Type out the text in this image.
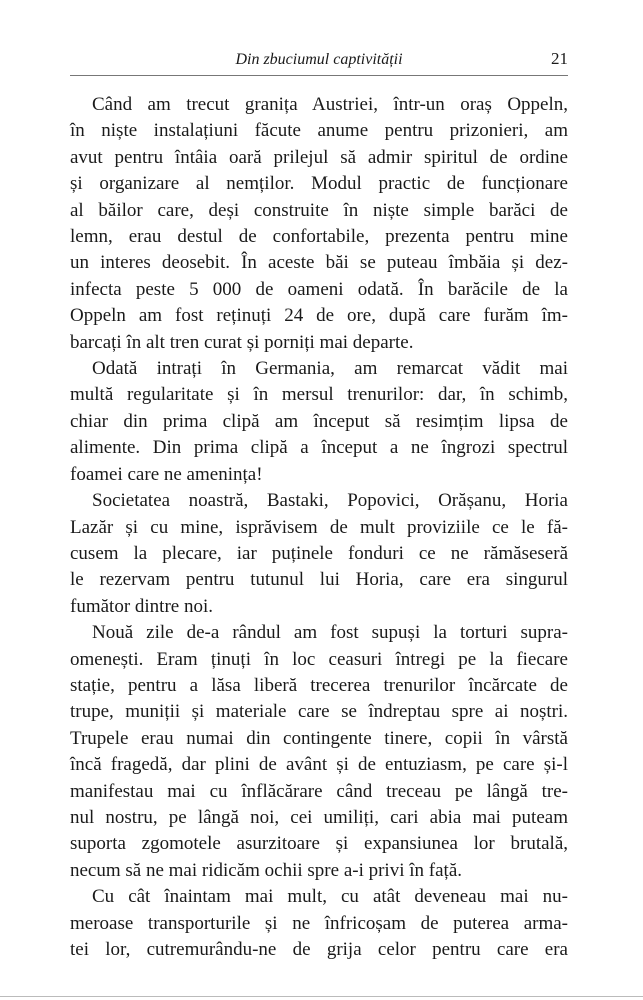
Din zbuciumul captivității	21

Când am trecut granița Austriei, într-un oraș Oppeln,
în niște instalațiuni făcute anume pentru prizonieri, am
avut pentru întâia oară prilejul să admir spiritul de ordine
și organizare al nemților. Modul practic de funcționare
al băilor care, deși construite în niște simple barăci de
lemn, erau destul de confortabile, prezenta pentru mine
un interes deosebit. În aceste băi se puteau îmbăia și dez-
infecta peste 5 000 de oameni odată. În barăcile de la
Oppeln am fost reținuți 24 de ore, după care furăm îm-
barcați în alt tren curat și porniți mai departe.

Odată intrați în Germania, am remarcat vădit mai
multă regularitate și în mersul trenurilor: dar, în schimb,
chiar din prima clipă am început să resimțim lipsa de
alimente. Din prima clipă a început a ne îngrozi spectrul
foamei care ne amenința!

Societatea noastră, Bastaki, Popovici, Orășanu, Horia
Lazăr și cu mine, isprăvisem de mult proviziile ce le fă-
cusem la plecare, iar puținele fonduri ce ne rămăseseră
le rezervam pentru tutunul lui Horia, care era singurul
fumător dintre noi.

Nouă zile de-a rândul am fost supuși la torturi supra-
omenești. Eram ținuți în loc ceasuri întregi pe la fiecare
stație, pentru a lăsa liberă trecerea trenurilor încărcate de
trupe, muniții și materiale care se îndreptau spre ai noștri.
Trupele erau numai din contingente tinere, copii în vârstă
încă fragedă, dar plini de avânt și de entuziasm, pe care și-l
manifestau mai cu înflăcărare când treceau pe lângă tre-
nul nostru, pe lângă noi, cei umiliți, cari abia mai puteam
suporta zgomotele asurzitoare și expansiunea lor brutală,
necum să ne mai ridicăm ochii spre a-i privi în față.

Cu cât înaintam mai mult, cu atât deveneau mai nu-
meroase transporturile și ne înfricoșam de puterea arma-
tei lor, cutremurându-ne de grija celor pentru care era
